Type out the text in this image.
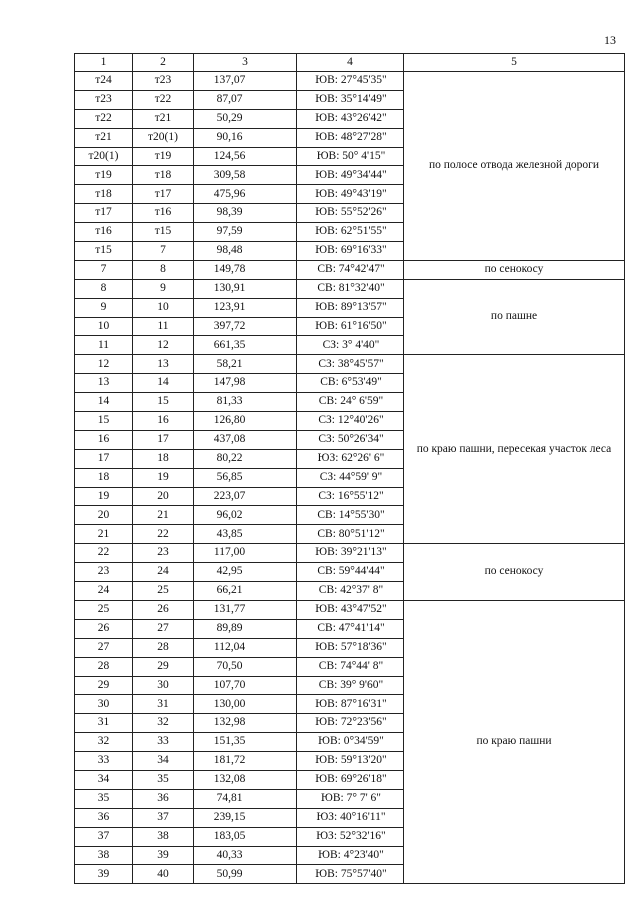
13
1	2	3	4	5
т24	т23	137,07	ЮВ: 27°45'35"	по полосе отвода железной дороги
т23	т22	87,07	ЮВ: 35°14'49"	
т22	т21	50,29	ЮВ: 43°26'42"	
т21	т20(1)	90,16	ЮВ: 48°27'28"	
т20(1)	т19	124,56	ЮВ: 50° 4'15"	
т19	т18	309,58	ЮВ: 49°34'44"	
т18	т17	475,96	ЮВ: 49°43'19"	
т17	т16	98,39	ЮВ: 55°52'26"	
т16	т15	97,59	ЮВ: 62°51'55"	
т15	7	98,48	ЮВ: 69°16'33"	
7	8	149,78	СВ: 74°42'47"	по сенокосу
8	9	130,91	СВ: 81°32'40"	по пашне
9	10	123,91	ЮВ: 89°13'57"	
10	11	397,72	ЮВ: 61°16'50"	
11	12	661,35	СЗ: 3° 4'40"	
12	13	58,21	СЗ: 38°45'57"	по краю пашни, пересекая участок леса
13	14	147,98	СВ: 6°53'49"	
14	15	81,33	СВ: 24° 6'59"	
15	16	126,80	СЗ: 12°40'26"	
16	17	437,08	СЗ: 50°26'34"	
17	18	80,22	ЮЗ: 62°26' 6"	
18	19	56,85	СЗ: 44°59' 9"	
19	20	223,07	СЗ: 16°55'12"	
20	21	96,02	СВ: 14°55'30"	
21	22	43,85	СВ: 80°51'12"	
22	23	117,00	ЮВ: 39°21'13"	по сенокосу
23	24	42,95	СВ: 59°44'44"	
24	25	66,21	СВ: 42°37' 8"	
25	26	131,77	ЮВ: 43°47'52"	по краю пашни
26	27	89,89	СВ: 47°41'14"	
27	28	112,04	ЮВ: 57°18'36"	
28	29	70,50	СВ: 74°44' 8"	
29	30	107,70	СВ: 39° 9'60"	
30	31	130,00	ЮВ: 87°16'31"	
31	32	132,98	ЮВ: 72°23'56"	
32	33	151,35	ЮВ: 0°34'59"	
33	34	181,72	ЮВ: 59°13'20"	
34	35	132,08	ЮВ: 69°26'18"	
35	36	74,81	ЮВ: 7° 7' 6"	
36	37	239,15	ЮЗ: 40°16'11"	
37	38	183,05	ЮЗ: 52°32'16"	
38	39	40,33	ЮВ: 4°23'40"	
39	40	50,99	ЮВ: 75°57'40"	
